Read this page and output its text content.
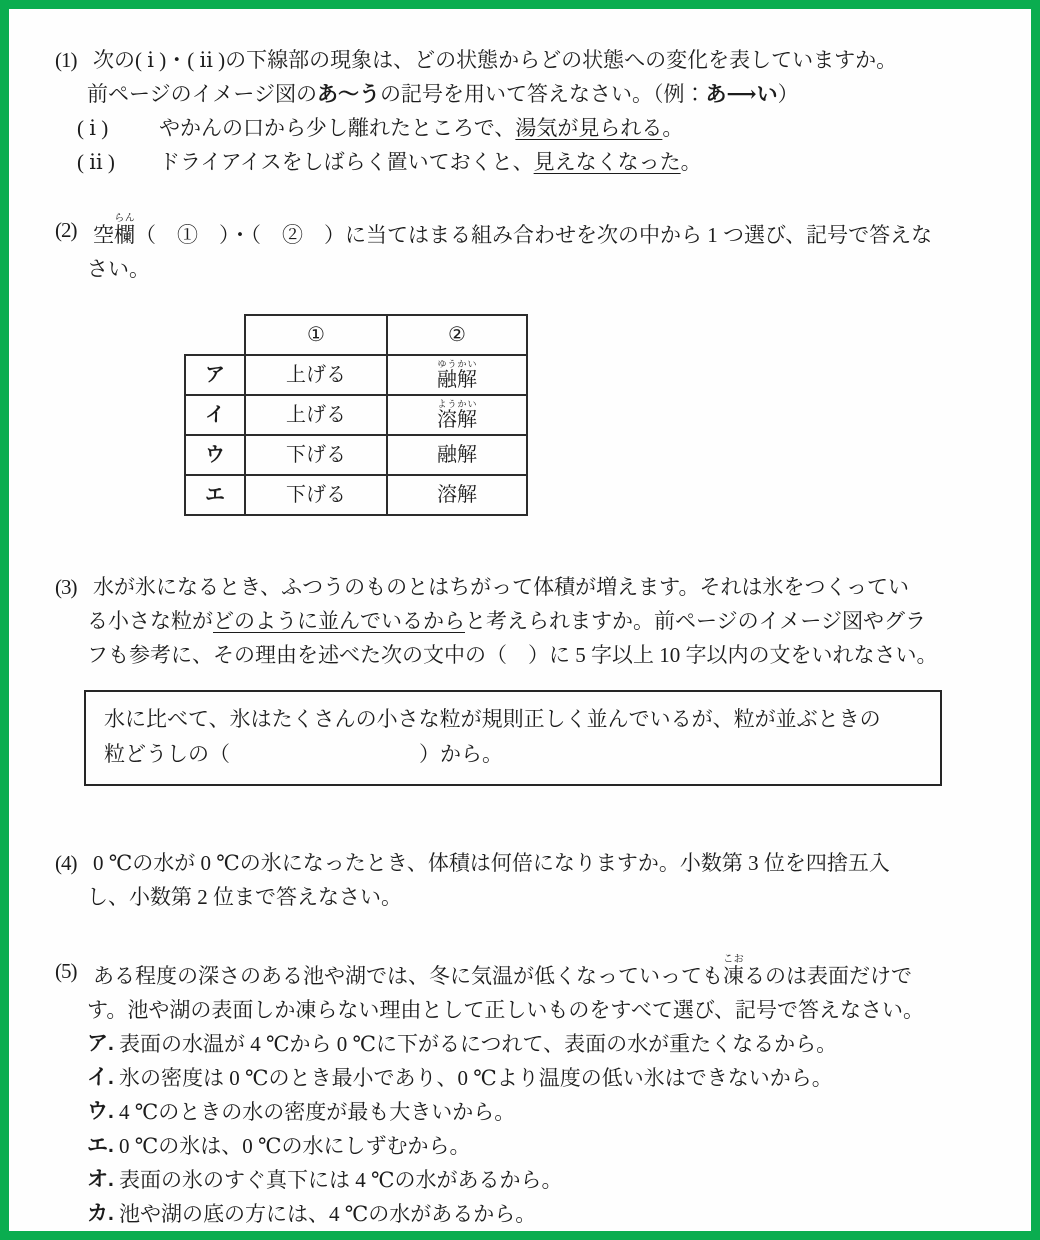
(1) 次の( ⅰ )・( ⅱ )の下線部の現象は、どの状態からどの状態への変化を表していますか。
前ページのイメージ図のあ～うの記号を用いて答えなさい。（例：あ⟶い）
( ⅰ )	やかんの口から少し離れたところで、湯気が見られる。
( ⅱ )	ドライアイスをしばらく置いておくと、見えなくなった。
(2) 空欄らん（　①　）・（　②　）に当てはまる組み合わせを次の中から 1 つ選び、記号で答えな
さい。
	①	②
ア	上げる	融解ゆうかい
イ	上げる	溶解ようかい
ウ	下げる	融解
エ	下げる	溶解
(3) 水が氷になるとき、ふつうのものとはちがって体積が増えます。それは氷をつくってい
る小さな粒がどのように並んでいるからと考えられますか。前ページのイメージ図やグラ
フも参考に、その理由を述べた次の文中の（　）に 5 字以上 10 字以内の文をいれなさい。
水に比べて、氷はたくさんの小さな粒が規則正しく並んでいるが、粒が並ぶときの
粒どうしの（　　　　　　　　　）から。
(4) 0 ℃の水が 0 ℃の氷になったとき、体積は何倍になりますか。小数第 3 位を四捨五入
し、小数第 2 位まで答えなさい。
(5) ある程度の深さのある池や湖では、冬に気温が低くなっていっても凍こおるのは表面だけで
す。池や湖の表面しか凍らない理由として正しいものをすべて選び、記号で答えなさい。
ア. 表面の水温が 4 ℃から 0 ℃に下がるにつれて、表面の水が重たくなるから。
イ. 氷の密度は 0 ℃のとき最小であり、0 ℃より温度の低い氷はできないから。
ウ. 4 ℃のときの水の密度が最も大きいから。
エ. 0 ℃の氷は、0 ℃の水にしずむから。
オ. 表面の氷のすぐ真下には 4 ℃の水があるから。
カ. 池や湖の底の方には、4 ℃の水があるから。
